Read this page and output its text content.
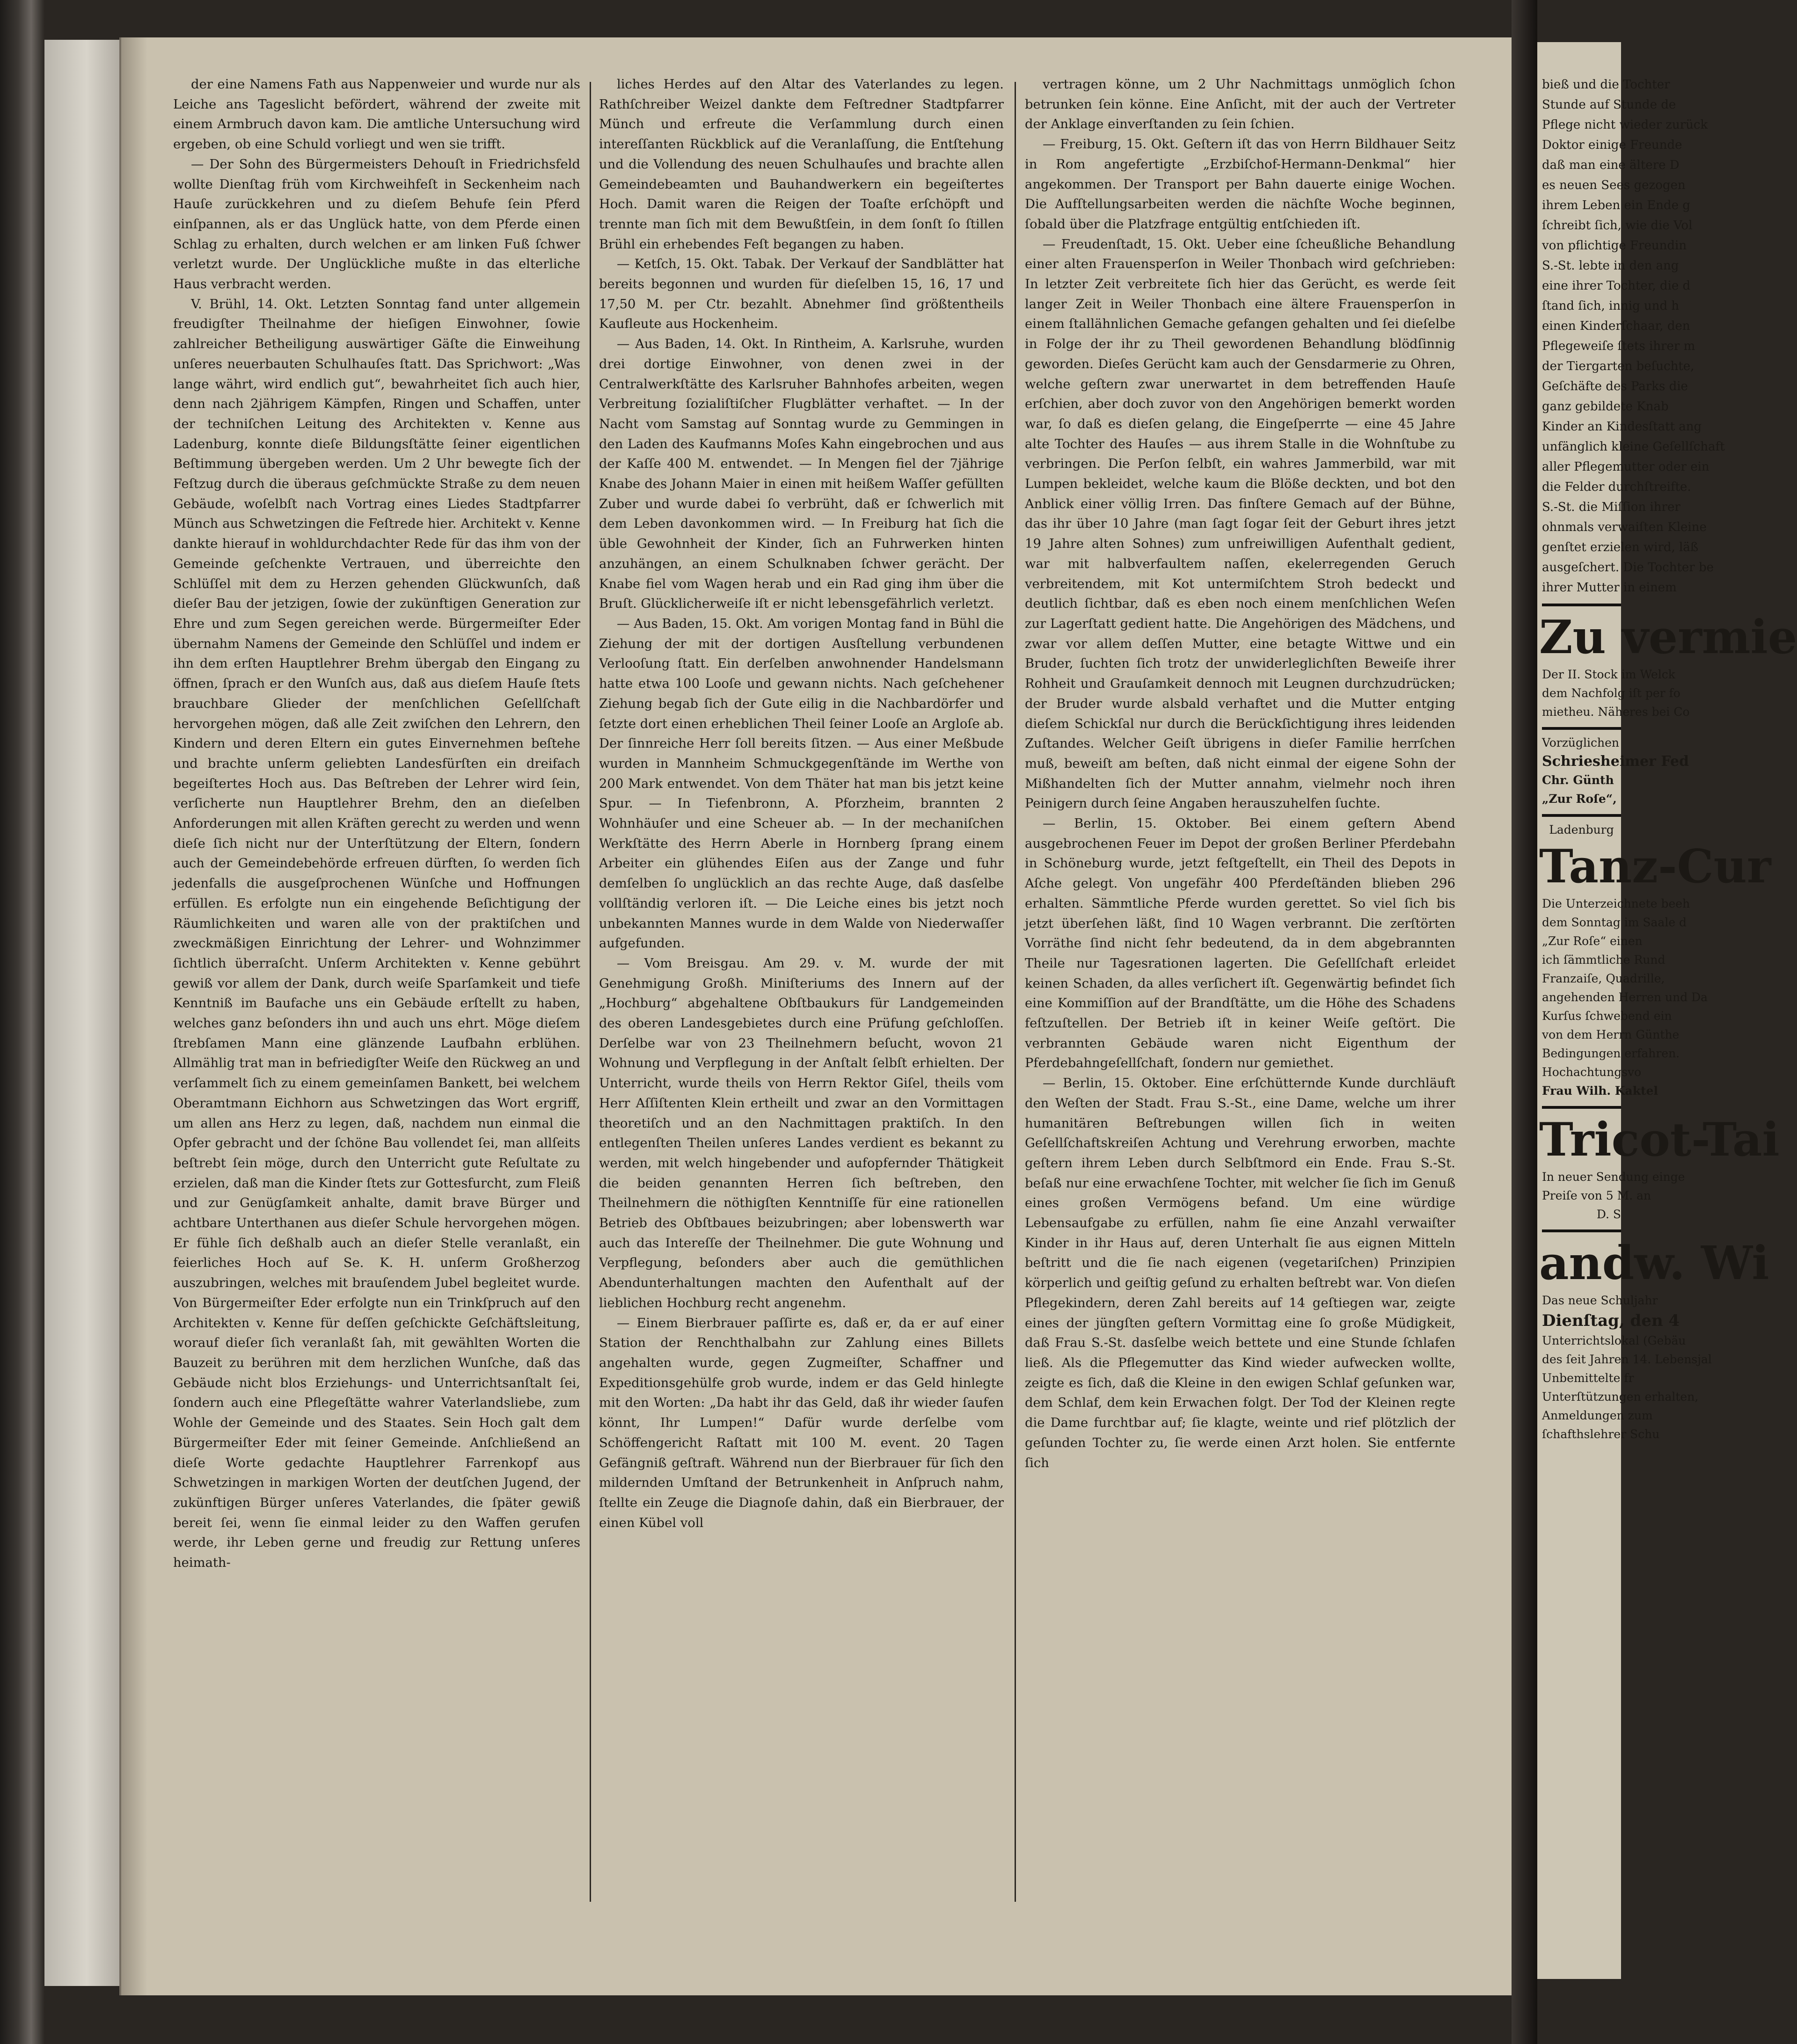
der eine Namens Fath aus Nappenweier und wurde nur als Leiche ans Tageslicht befördert, während der zweite mit einem Armbruch davon kam. Die amtliche Untersuchung wird ergeben, ob eine Schuld vorliegt und wen sie trifft.

— Der Sohn des Bürgermeisters Dehouſt in Friedrichsfeld wollte Dienſtag früh vom Kirchweihfeſt in Seckenheim nach Hauſe zurückkehren und zu dieſem Behufe ſein Pferd einſpannen, als er das Unglück hatte, von dem Pferde einen Schlag zu erhalten, durch welchen er am linken Fuß ſchwer verletzt wurde. Der Unglückliche mußte in das elterliche Haus verbracht werden.

V. Brühl, 14. Okt. Letzten Sonntag fand unter allgemein freudigſter Theilnahme der hieſigen Einwohner, ſowie zahlreicher Betheiligung auswärtiger Gäſte die Einweihung unſeres neuerbauten Schulhauſes ſtatt. Das Sprichwort: „Was lange währt, wird endlich gut“, bewahrheitet ſich auch hier, denn nach 2jährigem Kämpfen, Ringen und Schaffen, unter der techniſchen Leitung des Architekten v. Kenne aus Ladenburg, konnte dieſe Bildungsſtätte ſeiner eigentlichen Beſtimmung übergeben werden. Um 2 Uhr bewegte ſich der Feſtzug durch die überaus geſchmückte Straße zu dem neuen Gebäude, woſelbſt nach Vortrag eines Liedes Stadtpfarrer Münch aus Schwetzingen die Feſtrede hier. Architekt v. Kenne dankte hierauf in wohldurchdachter Rede für das ihm von der Gemeinde geſchenkte Vertrauen, und überreichte den Schlüſſel mit dem zu Herzen gehenden Glückwunſch, daß dieſer Bau der jetzigen, ſowie der zukünftigen Generation zur Ehre und zum Segen gereichen werde. Bürgermeiſter Eder übernahm Namens der Gemeinde den Schlüſſel und indem er ihn dem erſten Hauptlehrer Brehm übergab den Eingang zu öffnen, ſprach er den Wunſch aus, daß aus dieſem Hauſe ſtets brauchbare Glieder der menſchlichen Geſellſchaft hervorgehen mögen, daß alle Zeit zwiſchen den Lehrern, den Kindern und deren Eltern ein gutes Einvernehmen beſtehe und brachte unſerm geliebten Landesfürſten ein dreifach begeiſtertes Hoch aus. Das Beſtreben der Lehrer wird ſein, verſicherte nun Hauptlehrer Brehm, den an dieſelben Anforderungen mit allen Kräften gerecht zu werden und wenn dieſe ſich nicht nur der Unterſtützung der Eltern, ſondern auch der Gemeindebehörde erfreuen dürften, ſo werden ſich jedenfalls die ausgeſprochenen Wünſche und Hoffnungen erfüllen. Es erfolgte nun ein eingehende Beſichtigung der Räumlichkeiten und waren alle von der praktiſchen und zweckmäßigen Einrichtung der Lehrer- und Wohnzimmer ſichtlich überraſcht. Unſerm Architekten v. Kenne gebührt gewiß vor allem der Dank, durch weiſe Sparſamkeit und tiefe Kenntniß im Baufache uns ein Gebäude erſtellt zu haben, welches ganz beſonders ihn und auch uns ehrt. Möge dieſem ſtrebſamen Mann eine glänzende Laufbahn erblühen. Allmählig trat man in befriedigſter Weiſe den Rückweg an und verſammelt ſich zu einem gemeinſamen Bankett, bei welchem Oberamtmann Eichhorn aus Schwetzingen das Wort ergriff, um allen ans Herz zu legen, daß, nachdem nun einmal die Opfer gebracht und der ſchöne Bau vollendet ſei, man allſeits beſtrebt ſein möge, durch den Unterricht gute Reſultate zu erzielen, daß man die Kinder ſtets zur Gottesfurcht, zum Fleiß und zur Genügſamkeit anhalte, damit brave Bürger und achtbare Unterthanen aus dieſer Schule hervorgehen mögen. Er fühle ſich deßhalb auch an dieſer Stelle veranlaßt, ein feierliches Hoch auf Se. K. H. unſerm Großherzog auszubringen, welches mit brauſendem Jubel begleitet wurde. Von Bürgermeiſter Eder erfolgte nun ein Trinkſpruch auf den Architekten v. Kenne für deſſen geſchickte Geſchäftsleitung, worauf dieſer ſich veranlaßt ſah, mit gewählten Worten die Bauzeit zu berühren mit dem herzlichen Wunſche, daß das Gebäude nicht blos Erziehungs- und Unterrichtsanſtalt ſei, ſondern auch eine Pflegeſtätte wahrer Vaterlandsliebe, zum Wohle der Gemeinde und des Staates. Sein Hoch galt dem Bürgermeiſter Eder mit ſeiner Gemeinde. Anſchließend an dieſe Worte gedachte Hauptlehrer Farrenkopf aus Schwetzingen in markigen Worten der deutſchen Jugend, der zukünftigen Bürger unſeres Vaterlandes, die ſpäter gewiß bereit ſei, wenn ſie einmal leider zu den Waffen gerufen werde, ihr Leben gerne und freudig zur Rettung unſeres heimath-

liches Herdes auf den Altar des Vaterlandes zu legen. Rathſchreiber Weizel dankte dem Feſtredner Stadtpfarrer Münch und erfreute die Verſammlung durch einen intereſſanten Rückblick auf die Veranlaſſung, die Entſtehung und die Vollendung des neuen Schulhauſes und brachte allen Gemeindebeamten und Bauhandwerkern ein begeiſtertes Hoch. Damit waren die Reigen der Toaſte erſchöpft und trennte man ſich mit dem Bewußtſein, in dem ſonſt ſo ſtillen Brühl ein erhebendes Feſt begangen zu haben.

— Ketſch, 15. Okt. Tabak. Der Verkauf der Sandblätter hat bereits begonnen und wurden für dieſelben 15, 16, 17 und 17,50 M. per Ctr. bezahlt. Abnehmer ſind größtentheils Kaufleute aus Hockenheim.

— Aus Baden, 14. Okt. In Rintheim, A. Karlsruhe, wurden drei dortige Einwohner, von denen zwei in der Centralwerkſtätte des Karlsruher Bahnhofes arbeiten, wegen Verbreitung ſozialiſtiſcher Flugblätter verhaftet. — In der Nacht vom Samstag auf Sonntag wurde zu Gemmingen in den Laden des Kaufmanns Moſes Kahn eingebrochen und aus der Kaſſe 400 M. entwendet. — In Mengen fiel der 7jährige Knabe des Johann Maier in einen mit heißem Waſſer gefüllten Zuber und wurde dabei ſo verbrüht, daß er ſchwerlich mit dem Leben davonkommen wird. — In Freiburg hat ſich die üble Gewohnheit der Kinder, ſich an Fuhrwerken hinten anzuhängen, an einem Schulknaben ſchwer gerächt. Der Knabe fiel vom Wagen herab und ein Rad ging ihm über die Bruſt. Glücklicherweiſe iſt er nicht lebensgefährlich verletzt.

— Aus Baden, 15. Okt. Am vorigen Montag fand in Bühl die Ziehung der mit der dortigen Ausſtellung verbundenen Verlooſung ſtatt. Ein derſelben anwohnender Handelsmann hatte etwa 100 Looſe und gewann nichts. Nach geſchehener Ziehung begab ſich der Gute eilig in die Nachbardörfer und ſetzte dort einen erheblichen Theil ſeiner Looſe an Argloſe ab. Der ſinnreiche Herr ſoll bereits ſitzen. — Aus einer Meßbude wurden in Mannheim Schmuckgegenſtände im Werthe von 200 Mark entwendet. Von dem Thäter hat man bis jetzt keine Spur. — In Tiefenbronn, A. Pforzheim, brannten 2 Wohnhäuſer und eine Scheuer ab. — In der mechaniſchen Werkſtätte des Herrn Aberle in Hornberg ſprang einem Arbeiter ein glühendes Eiſen aus der Zange und fuhr demſelben ſo unglücklich an das rechte Auge, daß dasſelbe vollſtändig verloren iſt. — Die Leiche eines bis jetzt noch unbekannten Mannes wurde in dem Walde von Niederwaſſer aufgefunden.

— Vom Breisgau. Am 29. v. M. wurde der mit Genehmigung Großh. Miniſteriums des Innern auf der „Hochburg“ abgehaltene Obſtbaukurs für Landgemeinden des oberen Landesgebietes durch eine Prüfung geſchloſſen. Derſelbe war von 23 Theilnehmern beſucht, wovon 21 Wohnung und Verpflegung in der Anſtalt ſelbſt erhielten. Der Unterricht, wurde theils von Herrn Rektor Giſel, theils vom Herr Aſſiſtenten Klein ertheilt und zwar an den Vormittagen theoretiſch und an den Nachmittagen praktiſch. In den entlegenſten Theilen unſeres Landes verdient es bekannt zu werden, mit welch hingebender und aufopfernder Thätigkeit die beiden genannten Herren ſich beſtreben, den Theilnehmern die nöthigſten Kenntniſſe für eine rationellen Betrieb des Obſtbaues beizubringen; aber lobenswerth war auch das Intereſſe der Theilnehmer. Die gute Wohnung und Verpflegung, beſonders aber auch die gemüthlichen Abendunterhaltungen machten den Aufenthalt auf der lieblichen Hochburg recht angenehm.

— Einem Bierbrauer paſſirte es, daß er, da er auf einer Station der Renchthalbahn zur Zahlung eines Billets angehalten wurde, gegen Zugmeiſter, Schaffner und Expeditionsgehülfe grob wurde, indem er das Geld hinlegte mit den Worten: „Da habt ihr das Geld, daß ihr wieder ſaufen könnt, Ihr Lumpen!“ Dafür wurde derſelbe vom Schöffengericht Raſtatt mit 100 M. event. 20 Tagen Gefängniß geſtraft. Während nun der Bierbrauer für ſich den mildernden Umſtand der Betrunkenheit in Anſpruch nahm, ſtellte ein Zeuge die Diagnoſe dahin, daß ein Bierbrauer, der einen Kübel voll

vertragen könne, um 2 Uhr Nachmittags unmöglich ſchon betrunken ſein könne. Eine Anſicht, mit der auch der Vertreter der Anklage einverſtanden zu ſein ſchien.

— Freiburg, 15. Okt. Geſtern iſt das von Herrn Bildhauer Seitz in Rom angefertigte „Erzbiſchof-Hermann-Denkmal“ hier angekommen. Der Transport per Bahn dauerte einige Wochen. Die Aufſtellungsarbeiten werden die nächſte Woche beginnen, ſobald über die Platzfrage entgültig entſchieden iſt.

— Freudenſtadt, 15. Okt. Ueber eine ſcheußliche Behandlung einer alten Frauensperſon in Weiler Thonbach wird geſchrieben: In letzter Zeit verbreitete ſich hier das Gerücht, es werde ſeit langer Zeit in Weiler Thonbach eine ältere Frauensperſon in einem ſtallähnlichen Gemache gefangen gehalten und ſei dieſelbe in Folge der ihr zu Theil gewordenen Behandlung blödſinnig geworden. Dieſes Gerücht kam auch der Gensdarmerie zu Ohren, welche geſtern zwar unerwartet in dem betreffenden Hauſe erſchien, aber doch zuvor von den Angehörigen bemerkt worden war, ſo daß es dieſen gelang, die Eingeſperrte — eine 45 Jahre alte Tochter des Hauſes — aus ihrem Stalle in die Wohnſtube zu verbringen. Die Perſon ſelbſt, ein wahres Jammerbild, war mit Lumpen bekleidet, welche kaum die Blöße deckten, und bot den Anblick einer völlig Irren. Das finſtere Gemach auf der Bühne, das ihr über 10 Jahre (man ſagt ſogar ſeit der Geburt ihres jetzt 19 Jahre alten Sohnes) zum unfreiwilligen Aufenthalt gedient, war mit halbverfaultem naſſen, ekelerregenden Geruch verbreitendem, mit Kot untermiſchtem Stroh bedeckt und deutlich ſichtbar, daß es eben noch einem menſchlichen Weſen zur Lagerſtatt gedient hatte. Die Angehörigen des Mädchens, und zwar vor allem deſſen Mutter, eine betagte Wittwe und ein Bruder, ſuchten ſich trotz der unwiderleglichſten Beweiſe ihrer Rohheit und Grauſamkeit dennoch mit Leugnen durchzudrücken; der Bruder wurde alsbald verhaftet und die Mutter entging dieſem Schickſal nur durch die Berückſichtigung ihres leidenden Zuſtandes. Welcher Geiſt übrigens in dieſer Familie herrſchen muß, beweiſt am beſten, daß nicht einmal der eigene Sohn der Mißhandelten ſich der Mutter annahm, vielmehr noch ihren Peinigern durch ſeine Angaben herauszuhelfen ſuchte.

— Berlin, 15. Oktober. Bei einem geſtern Abend ausgebrochenen Feuer im Depot der großen Berliner Pferdebahn in Schöneburg wurde, jetzt feſtgeſtellt, ein Theil des Depots in Aſche gelegt. Von ungefähr 400 Pferdeſtänden blieben 296 erhalten. Sämmtliche Pferde wurden gerettet. So viel ſich bis jetzt überſehen läßt, ſind 10 Wagen verbrannt. Die zerſtörten Vorräthe ſind nicht ſehr bedeutend, da in dem abgebrannten Theile nur Tagesrationen lagerten. Die Geſellſchaft erleidet keinen Schaden, da alles verſichert iſt. Gegenwärtig befindet ſich eine Kommiſſion auf der Brandſtätte, um die Höhe des Schadens feſtzuſtellen. Der Betrieb iſt in keiner Weiſe geſtört. Die verbrannten Gebäude waren nicht Eigenthum der Pferdebahngeſellſchaft, ſondern nur gemiethet.

— Berlin, 15. Oktober. Eine erſchütternde Kunde durchläuft den Weſten der Stadt. Frau S.-St., eine Dame, welche um ihrer humanitären Beſtrebungen willen ſich in weiten Geſellſchaftskreiſen Achtung und Verehrung erworben, machte geſtern ihrem Leben durch Selbſtmord ein Ende. Frau S.-St. beſaß nur eine erwachſene Tochter, mit welcher ſie ſich im Genuß eines großen Vermögens befand. Um eine würdige Lebensaufgabe zu erfüllen, nahm ſie eine Anzahl verwaiſter Kinder in ihr Haus auf, deren Unterhalt ſie aus eignen Mitteln beſtritt und die ſie nach eigenen (vegetariſchen) Prinzipien körperlich und geiſtig geſund zu erhalten beſtrebt war. Von dieſen Pflegekindern, deren Zahl bereits auf 14 geſtiegen war, zeigte eines der jüngſten geſtern Vormittag eine ſo große Müdigkeit, daß Frau S.-St. dasſelbe weich bettete und eine Stunde ſchlafen ließ. Als die Pflegemutter das Kind wieder aufwecken wollte, zeigte es ſich, daß die Kleine in den ewigen Schlaf geſunken war, dem Schlaf, dem kein Erwachen folgt. Der Tod der Kleinen regte die Dame furchtbar auf; ſie klagte, weinte und rief plötzlich der geſunden Tochter zu, ſie werde einen Arzt holen. Sie entfernte ſich

bieß und die Tochter
Stunde auf Stunde de
Pflege nicht wieder zurück
Doktor einige Freunde
daß man eine ältere D
es neuen Sees gezogen
ihrem Leben ein Ende g
ſchreibt ſich, wie die Vol
von pflichtige Freundin
S.-St. lebte in den ang
eine ihrer Tochter, die d
ſtand ſich, innig und h
einen Kinderſchaar, den
Pflegeweiſe ſtets ihrer m
der Tiergarten beſuchte,
Geſchäfte des Parks die
ganz gebildete Knab
Kinder an Kindesſtatt ang
unfänglich kleine Geſellſchaft
aller Pflegemutter oder ein
die Felder durchſtreifte.
S.-St. die Miſſion ihrer
ohnmals verwaiſten Kleine
genſtet erzielen wird, läß
ausgeſchert. Die Tochter be
ihrer Mutter in einem
Zu vermie
Der II. Stock im Welck
dem Nachfolg iſt per fo
mietheu. Näheres bei Co
Vorzüglichen
Schriesheimer Fed
Chr. Günth
„Zur Roſe“,
Ladenburg
Tanz-Cur
Die Unterzeichnete beeh
dem Sonntag im Saale d
„Zur Roſe“ einen
ich ſämmtliche Rund
Franzaiſe, Quadrille,
angehenden Herren und Da
Kurſus ſchwebend ein
von dem Herrn Günthe
Bedingungen erfahren.
Hochachtungsvo
Frau Wilh. Kaktel
Tricot-Tai
In neuer Sendung einge
Preiſe von 5 M. an
D. S
andw. Wi
Das neue Schuljahr
Dienſtag, den 4
Unterrichtslokal (Gebäu
des ſeit Jahren 14. Lebensjal
Unbemittelte fr
Unterſtützungen erhalten,
Anmeldungen zum
ſchafthslehrer Schu
